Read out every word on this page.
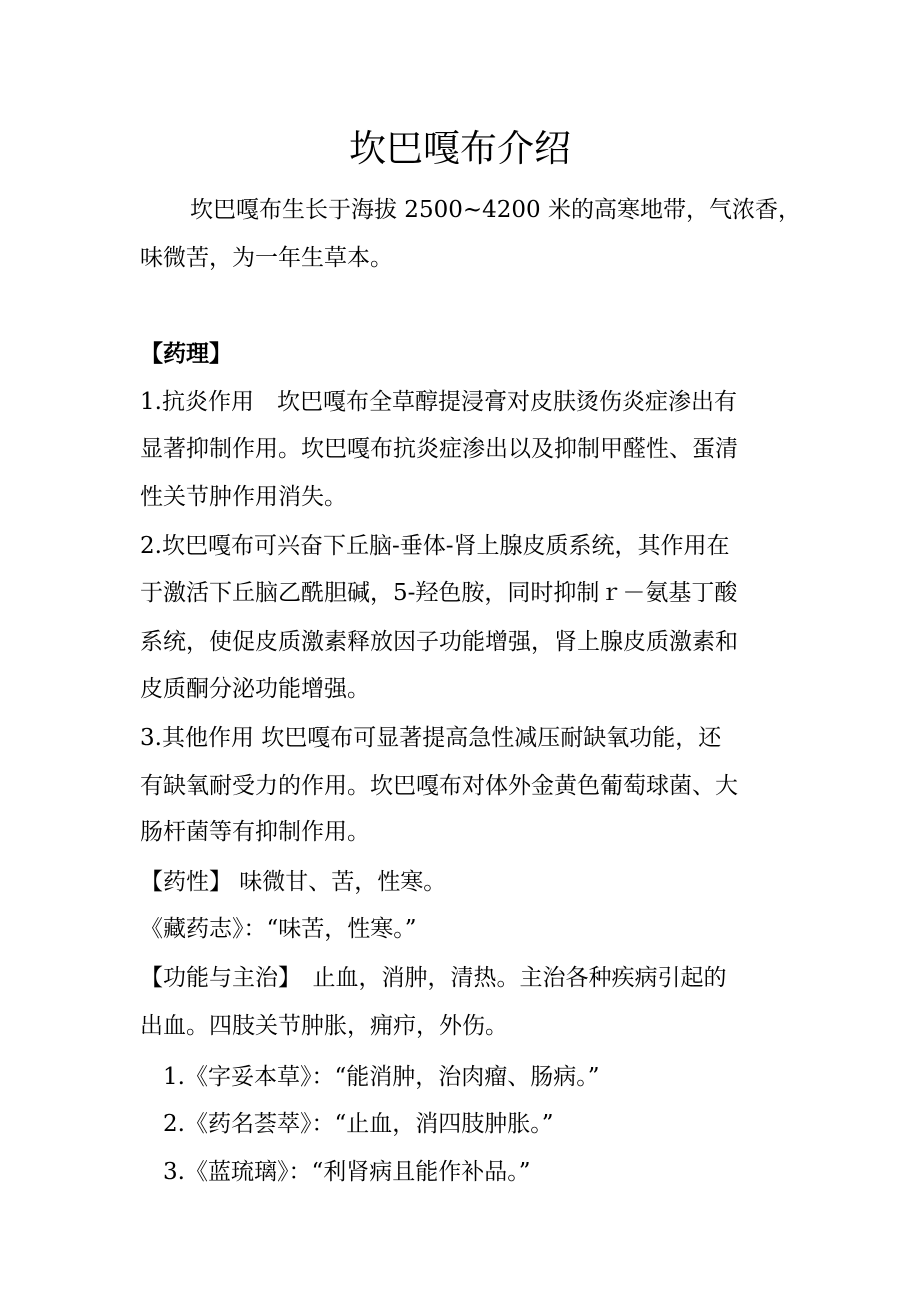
坎巴嘎布介绍
坎巴嘎布生长于海拔 2500~4200 米的高寒地带，气浓香，
味微苦，为一年生草本。
【药理】
1.抗炎作用　坎巴嘎布全草醇提浸膏对皮肤烫伤炎症渗出有
显著抑制作用。坎巴嘎布抗炎症渗出以及抑制甲醛性、蛋清
性关节肿作用消失。
2.坎巴嘎布可兴奋下丘脑-垂体-肾上腺皮质系统，其作用在
于激活下丘脑乙酰胆碱，5-羟色胺，同时抑制ｒ－氨基丁酸
系统，使促皮质激素释放因子功能增强，肾上腺皮质激素和
皮质酮分泌功能增强。
3.其他作用 坎巴嘎布可显著提高急性减压耐缺氧功能，还
有缺氧耐受力的作用。坎巴嘎布对体外金黄色葡萄球菌、大
肠杆菌等有抑制作用。
【药性】 味微甘、苦，性寒。
《藏药志》：“味苦，性寒。”
【功能与主治】　止血，消肿，清热。主治各种疾病引起的
出血。四肢关节肿胀，痈疖，外伤。
1.《字妥本草》：“能消肿，治肉瘤、肠病。”
2.《药名荟萃》：“止血，消四肢肿胀。”
3.《蓝琉璃》：“利肾病且能作补品。”
